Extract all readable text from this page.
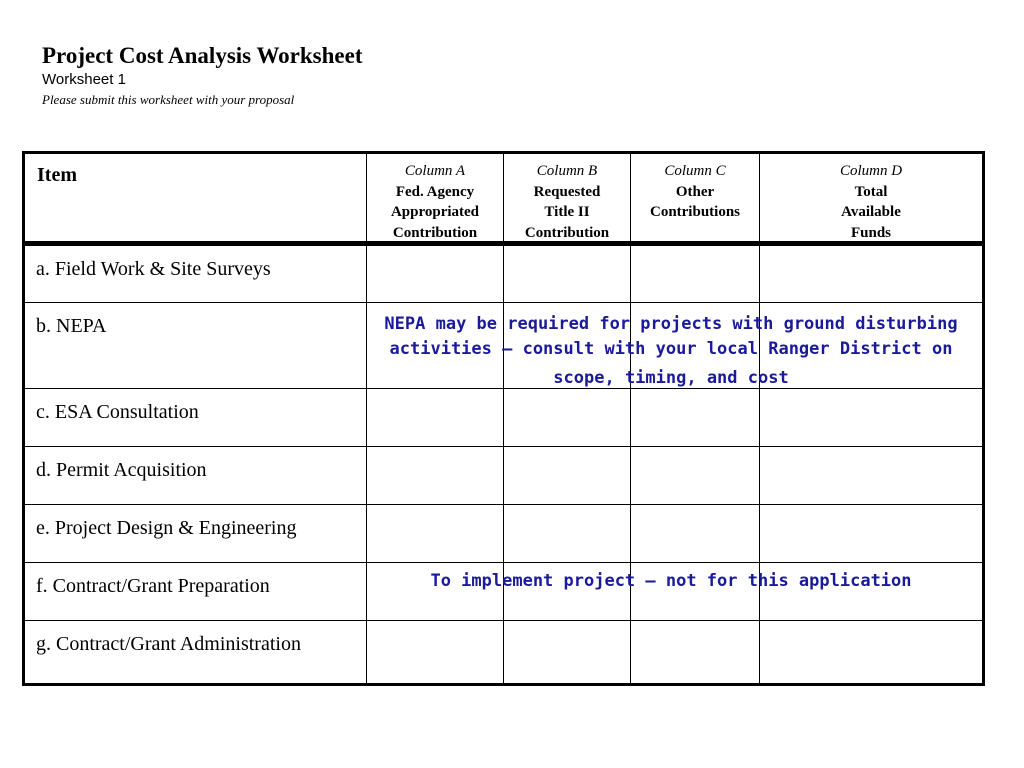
Project Cost Analysis Worksheet
Worksheet 1
Please submit this worksheet with your proposal
Item	Column A
Fed. Agency
Appropriated
Contribution
Column B
Requested
Title II
Contribution
Column C
Other
Contributions
Column D
Total
Available
Funds
a. Field Work & Site Surveys
b. NEPA
c. ESA Consultation
d. Permit Acquisition
e. Project Design & Engineering
f. Contract/Grant Preparation
g. Contract/Grant Administration
NEPA may be required for projects with ground disturbing
activities – consult with your local Ranger District on
scope, timing, and cost
To implement project – not for this application
